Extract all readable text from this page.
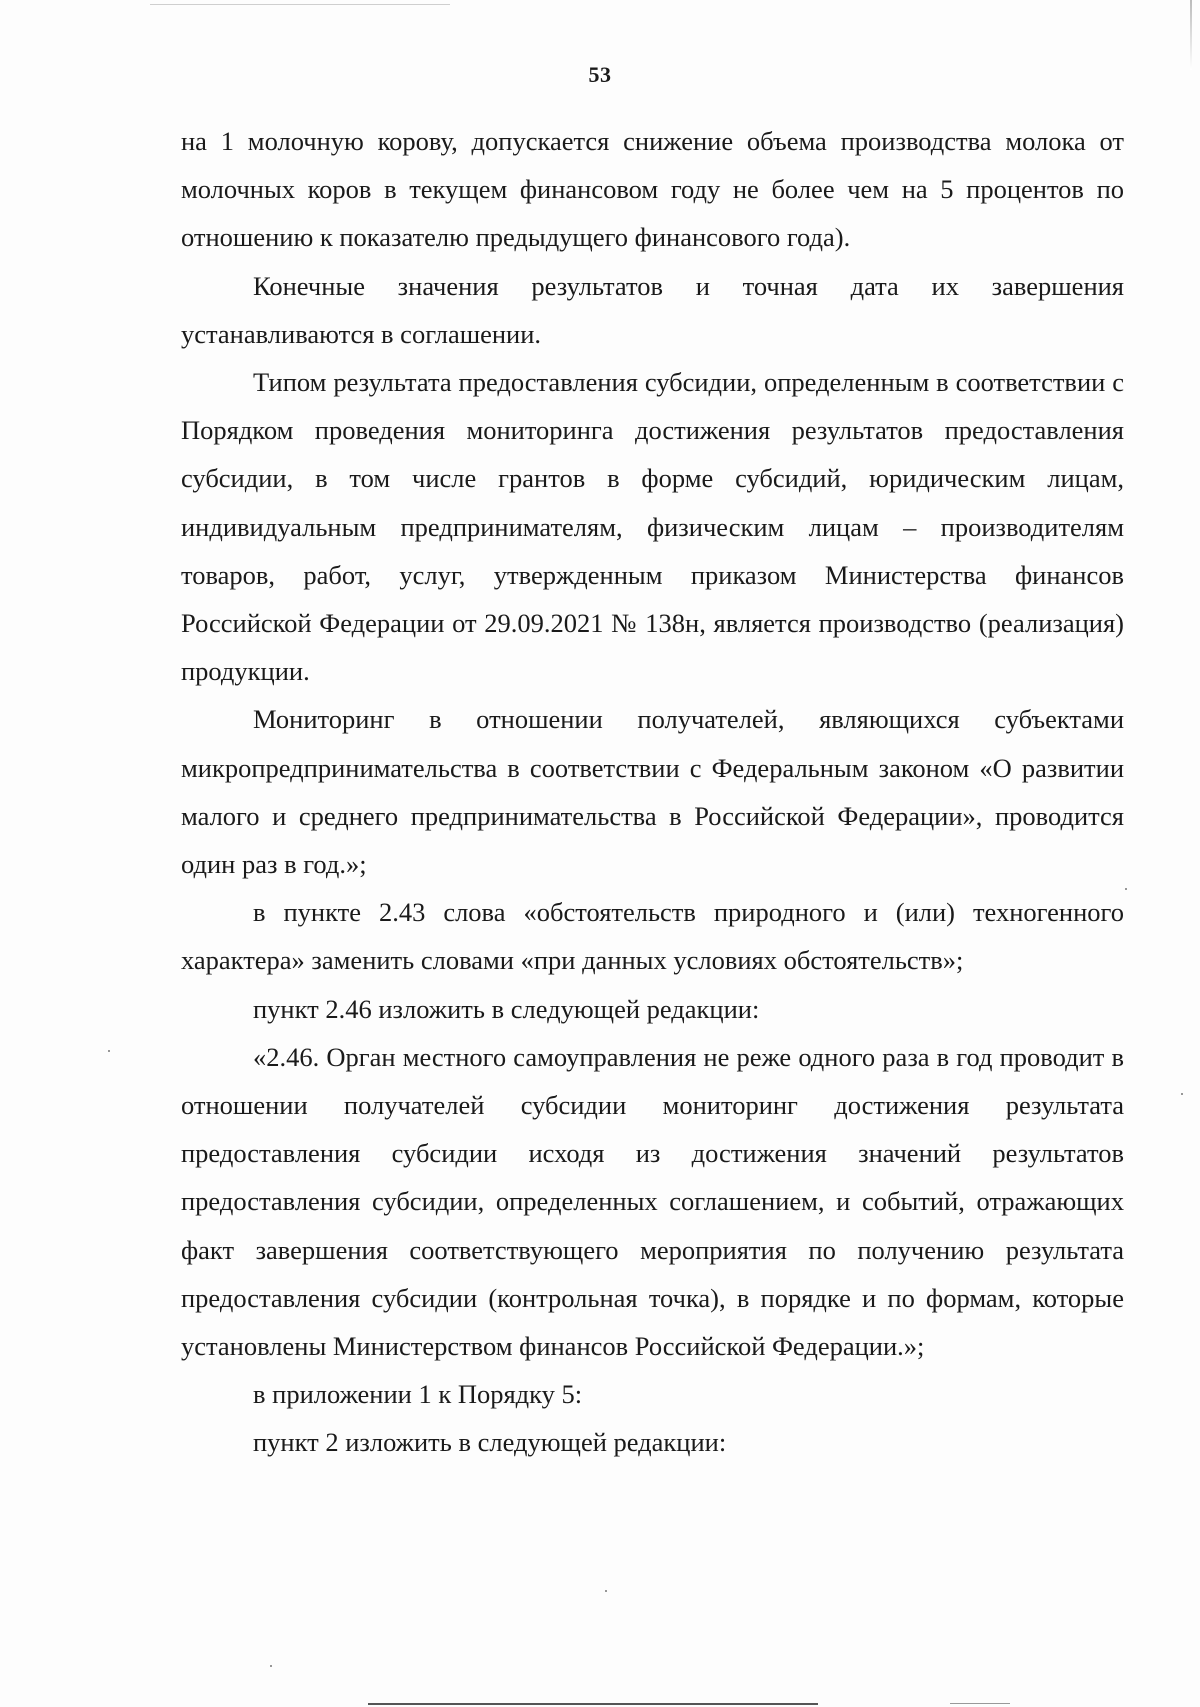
53

на 1 молочную корову, допускается снижение объема производства молока от молочных коров в текущем финансовом году не более чем на 5 процентов по отношению к показателю предыдущего финансового года).

Конечные значения результатов и точная дата их завершения устанавливаются в соглашении.

Типом результата предоставления субсидии, определенным в соответствии с Порядком проведения мониторинга достижения результатов предоставления субсидии, в том числе грантов в форме субсидий, юридическим лицам, индивидуальным предпринимателям, физическим лицам – производителям товаров, работ, услуг, утвержденным приказом Министерства финансов Российской Федерации от 29.09.2021 № 138н, является производство (реализация) продукции.

Мониторинг в отношении получателей, являющихся субъектами микропредпринимательства в соответствии с Федеральным законом «О развитии малого и среднего предпринимательства в Российской Федерации», проводится один раз в год.»;

в пункте 2.43 слова «обстоятельств природного и (или) техногенного характера» заменить словами «при данных условиях обстоятельств»;

пункт 2.46 изложить в следующей редакции:

«2.46. Орган местного самоуправления не реже одного раза в год проводит в отношении получателей субсидии мониторинг достижения результата предоставления субсидии исходя из достижения значений результатов предоставления субсидии, определенных соглашением, и событий, отражающих факт завершения соответствующего мероприятия по получению результата предоставления субсидии (контрольная точка), в порядке и по формам, которые установлены Министерством финансов Российской Федерации.»;

в приложении 1 к Порядку 5:

пункт 2 изложить в следующей редакции:
